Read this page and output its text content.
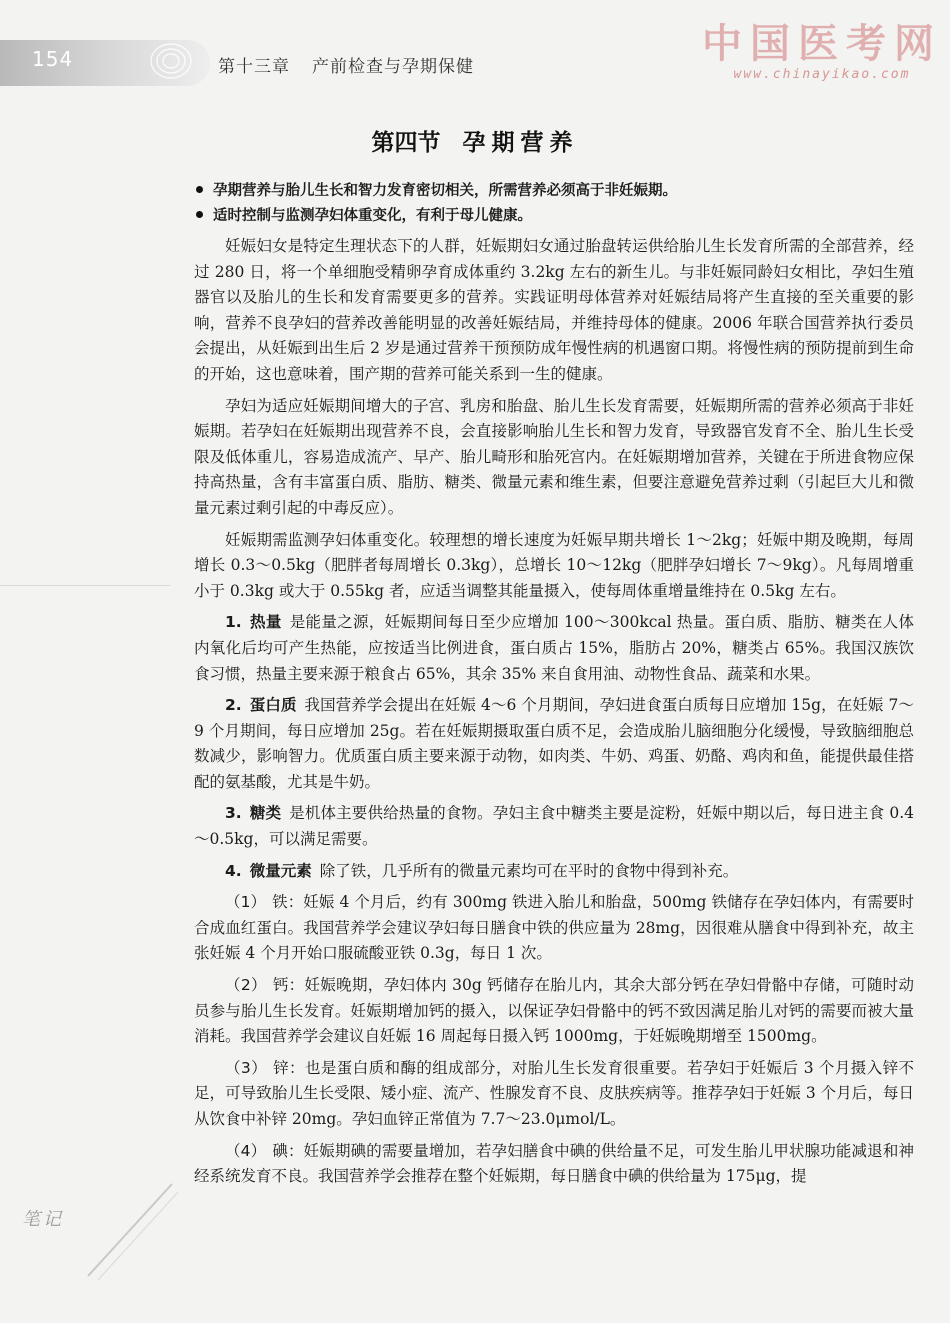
154	第十三章 产前检查与孕期保健	中国医考网
www.chinayikao.com
第四节 孕期营养
孕期营养与胎儿生长和智力发育密切相关，所需营养必须高于非妊娠期。
适时控制与监测孕妇体重变化，有利于母儿健康。

妊娠妇女是特定生理状态下的人群，妊娠期妇女通过胎盘转运供给胎儿生长发育所需的全部营养，经过 280 日，将一个单细胞受精卵孕育成体重约 3.2kg 左右的新生儿。与非妊娠同龄妇女相比，孕妇生殖器官以及胎儿的生长和发育需要更多的营养。实践证明母体营养对妊娠结局将产生直接的至关重要的影响，营养不良孕妇的营养改善能明显的改善妊娠结局，并维持母体的健康。2006 年联合国营养执行委员会提出，从妊娠到出生后 2 岁是通过营养干预预防成年慢性病的机遇窗口期。将慢性病的预防提前到生命的开始，这也意味着，围产期的营养可能关系到一生的健康。

孕妇为适应妊娠期间增大的子宫、乳房和胎盘、胎儿生长发育需要，妊娠期所需的营养必须高于非妊娠期。若孕妇在妊娠期出现营养不良，会直接影响胎儿生长和智力发育，导致器官发育不全、胎儿生长受限及低体重儿，容易造成流产、早产、胎儿畸形和胎死宫内。在妊娠期增加营养，关键在于所进食物应保持高热量，含有丰富蛋白质、脂肪、糖类、微量元素和维生素，但要注意避免营养过剩（引起巨大儿和微量元素过剩引起的中毒反应）。

妊娠期需监测孕妇体重变化。较理想的增长速度为妊娠早期共增长 1～2kg；妊娠中期及晚期，每周增长 0.3～0.5kg（肥胖者每周增长 0.3kg），总增长 10～12kg（肥胖孕妇增长 7～9kg）。凡每周增重小于 0.3kg 或大于 0.55kg 者，应适当调整其能量摄入，使每周体重增量维持在 0.5kg 左右。

1. 热量 是能量之源，妊娠期间每日至少应增加 100～300kcal 热量。蛋白质、脂肪、糖类在人体内氧化后均可产生热能，应按适当比例进食，蛋白质占 15%，脂肪占 20%，糖类占 65%。我国汉族饮食习惯，热量主要来源于粮食占 65%，其余 35% 来自食用油、动物性食品、蔬菜和水果。

2. 蛋白质 我国营养学会提出在妊娠 4～6 个月期间，孕妇进食蛋白质每日应增加 15g，在妊娠 7～9 个月期间，每日应增加 25g。若在妊娠期摄取蛋白质不足，会造成胎儿脑细胞分化缓慢，导致脑细胞总数减少，影响智力。优质蛋白质主要来源于动物，如肉类、牛奶、鸡蛋、奶酪、鸡肉和鱼，能提供最佳搭配的氨基酸，尤其是牛奶。

3. 糖类 是机体主要供给热量的食物。孕妇主食中糖类主要是淀粉，妊娠中期以后，每日进主食 0.4～0.5kg，可以满足需要。

4. 微量元素 除了铁，几乎所有的微量元素均可在平时的食物中得到补充。

（1） 铁：妊娠 4 个月后，约有 300mg 铁进入胎儿和胎盘，500mg 铁储存在孕妇体内，有需要时合成血红蛋白。我国营养学会建议孕妇每日膳食中铁的供应量为 28mg，因很难从膳食中得到补充，故主张妊娠 4 个月开始口服硫酸亚铁 0.3g，每日 1 次。

（2） 钙：妊娠晚期，孕妇体内 30g 钙储存在胎儿内，其余大部分钙在孕妇骨骼中存储，可随时动员参与胎儿生长发育。妊娠期增加钙的摄入，以保证孕妇骨骼中的钙不致因满足胎儿对钙的需要而被大量消耗。我国营养学会建议自妊娠 16 周起每日摄入钙 1000mg，于妊娠晚期增至 1500mg。

（3） 锌：也是蛋白质和酶的组成部分，对胎儿生长发育很重要。若孕妇于妊娠后 3 个月摄入锌不足，可导致胎儿生长受限、矮小症、流产、性腺发育不良、皮肤疾病等。推荐孕妇于妊娠 3 个月后，每日从饮食中补锌 20mg。孕妇血锌正常值为 7.7～23.0μmol/L。

（4） 碘：妊娠期碘的需要量增加，若孕妇膳食中碘的供给量不足，可发生胎儿甲状腺功能减退和神经系统发育不良。我国营养学会推荐在整个妊娠期，每日膳食中碘的供给量为 175μg，提

笔记
